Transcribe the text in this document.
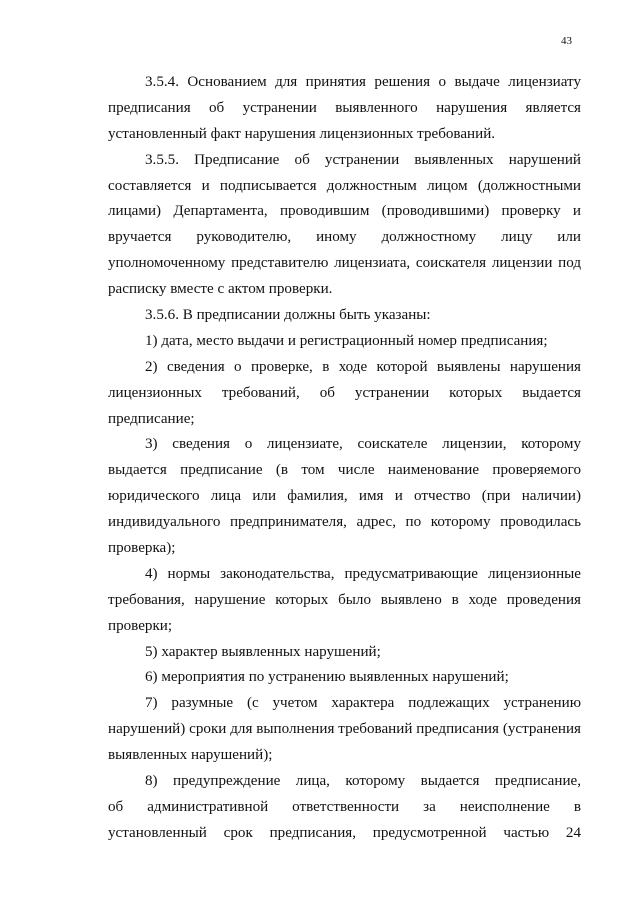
43

3.5.4. Основанием для принятия решения о выдаче лицензиату
предписания об устранении выявленного нарушения является
установленный факт нарушения лицензионных требований.

3.5.5. Предписание об устранении выявленных нарушений
составляется и подписывается должностным лицом (должностными
лицами) Департамента, проводившим (проводившими) проверку и
вручается руководителю, иному должностному лицу или
уполномоченному представителю лицензиата, соискателя лицензии под
расписку вместе с актом проверки.

3.5.6. В предписании должны быть указаны:

1) дата, место выдачи и регистрационный номер предписания;

2) сведения о проверке, в ходе которой выявлены нарушения
лицензионных требований, об устранении которых выдается
предписание;

3) сведения о лицензиате, соискателе лицензии, которому
выдается предписание (в том числе наименование проверяемого
юридического лица или фамилия, имя и отчество (при наличии)
индивидуального предпринимателя, адрес, по которому проводилась
проверка);

4) нормы законодательства, предусматривающие лицензионные
требования, нарушение которых было выявлено в ходе проведения
проверки;

5) характер выявленных нарушений;

6) мероприятия по устранению выявленных нарушений;

7) разумные (с учетом характера подлежащих устранению
нарушений) сроки для выполнения требований предписания (устранения
выявленных нарушений);

8) предупреждение лица, которому выдается предписание,
об административной ответственности за неисполнение в
установленный срок предписания, предусмотренной частью 24
